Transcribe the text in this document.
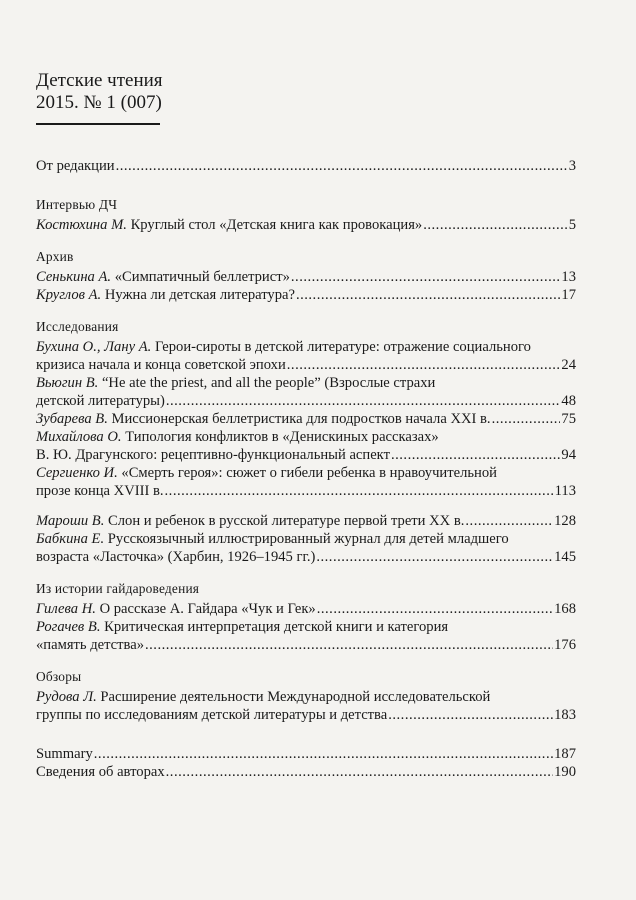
Детские чтения
2015. № 1 (007)
От редакции .....	3
Интервью ДЧ
Костюхина М. Круглый стол «Детская книга как провокация» .....	5
Архив
Сенькина А. «Симпатичный беллетрист» .....	13
Круглов А. Нужна ли детская литература? .....	17
Исследования
Бухина О., Лану А. Герои-сироты в детской литературе: отражение социального
кризиса начала и конца советской эпохи .....	24
Вьюгин В. “He ate the priest, and all the people” (Взрослые страхи
детской литературы) .....	48
Зубарева В. Миссионерская беллетристика для подростков начала XXI в. .....	75
Михайлова О. Типология конфликтов в «Денискиных рассказах»
В. Ю. Драгунского: рецептивно-функциональный аспект .....	94
Сергиенко И. «Смерть героя»: сюжет о гибели ребенка в нравоучительной
прозе конца XVIII в. .....	113
Мароши В. Слон и ребенок в русской литературе первой трети XX в. .....	128
Бабкина Е. Русскоязычный иллюстрированный журнал для детей младшего
возраста «Ласточка» (Харбин, 1926–1945 гг.) .....	145
Из истории гайдароведения
Гилева Н. О рассказе А. Гайдара «Чук и Гек» .....	168
Рогачев В. Критическая интерпретация детской книги и категория
«память детства» .....	176
Обзоры
Рудова Л. Расширение деятельности Международной исследовательской
группы по исследованиям детской литературы и детства .....	183
Summary .....	187
Сведения об авторах .....	190
